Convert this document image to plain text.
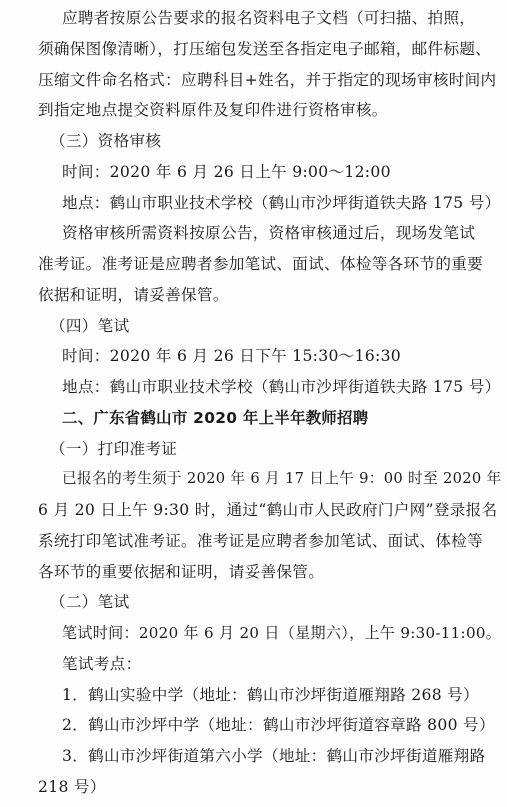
应聘者按原公告要求的报名资料电子文档（可扫描、拍照，
须确保图像清晰），打压缩包发送至各指定电子邮箱，邮件标题、
压缩文件命名格式：应聘科目+姓名，并于指定的现场审核时间内
到指定地点提交资料原件及复印件进行资格审核。
（三）资格审核
时间：2020 年 6 月 26 日上午 9:00～12:00
地点：鹤山市职业技术学校（鹤山市沙坪街道铁夫路 175 号）
资格审核所需资料按原公告，资格审核通过后，现场发笔试
准考证。准考证是应聘者参加笔试、面试、体检等各环节的重要
依据和证明，请妥善保管。
（四）笔试
时间：2020 年 6 月 26 日下午 15:30～16:30
地点：鹤山市职业技术学校（鹤山市沙坪街道铁夫路 175 号）
二、广东省鹤山市 2020 年上半年教师招聘
（一）打印准考证
已报名的考生须于 2020 年 6 月 17 日上午 9：00 时至 2020 年
6 月 20 日上午 9:30 时，通过“鹤山市人民政府门户网”登录报名
系统打印笔试准考证。准考证是应聘者参加笔试、面试、体检等
各环节的重要依据和证明，请妥善保管。
（二）笔试
笔试时间：2020 年 6 月 20 日（星期六），上午 9:30-11:00。
笔试考点：
1．鹤山实验中学（地址：鹤山市沙坪街道雁翔路 268 号）
2．鹤山市沙坪中学（地址：鹤山市沙坪街道容章路 800 号）
3．鹤山市沙坪街道第六小学（地址：鹤山市沙坪街道雁翔路
218 号）
